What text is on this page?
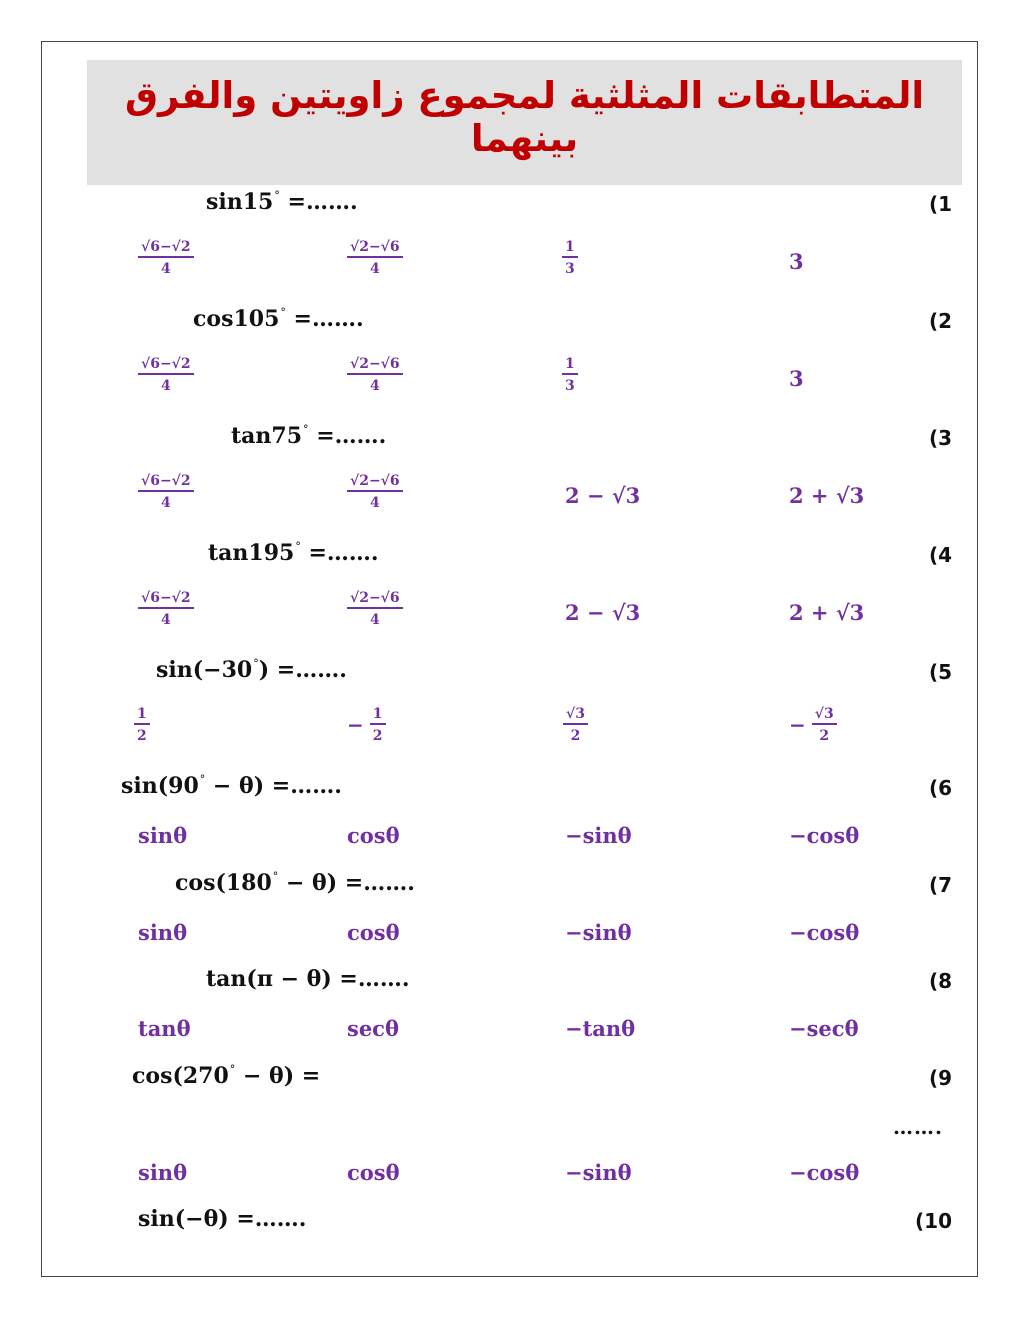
المتطابقات المثلثية لمجموع زاويتين والفرق بينهما
(1
sin15° =…….
$\frac{√6-√2}{4}$	$\frac{√2-√6}{4}$	$\frac{1}{3}$	3
(2
cos105° =…….
$\frac{√6-√2}{4}$	$\frac{√2-√6}{4}$	$\frac{1}{3}$	3
(3
tan75° =…….
$\frac{√6-√2}{4}$	$\frac{√2-√6}{4}$	2 − √3	2 + √3
(4
tan195° =…….
$\frac{√6-√2}{4}$	$\frac{√2-√6}{4}$	2 − √3	2 + √3
(5
sin(−30°) =…….
$\frac{1}{2}$	− $\frac{1}{2}$	$\frac{√3}{2}$	− $\frac{√3}{2}$
(6
sin(90° − θ) =…….
sinθ	cosθ	−sinθ	−cosθ
(7
cos(180° − θ) =…….
sinθ	cosθ	−sinθ	−cosθ
(8
tan(π − θ) =…….
tanθ	secθ	−tanθ	−secθ
(9
cos(270° − θ) =
…….
sinθ	cosθ	−sinθ	−cosθ
(10
sin(−θ) =…….
